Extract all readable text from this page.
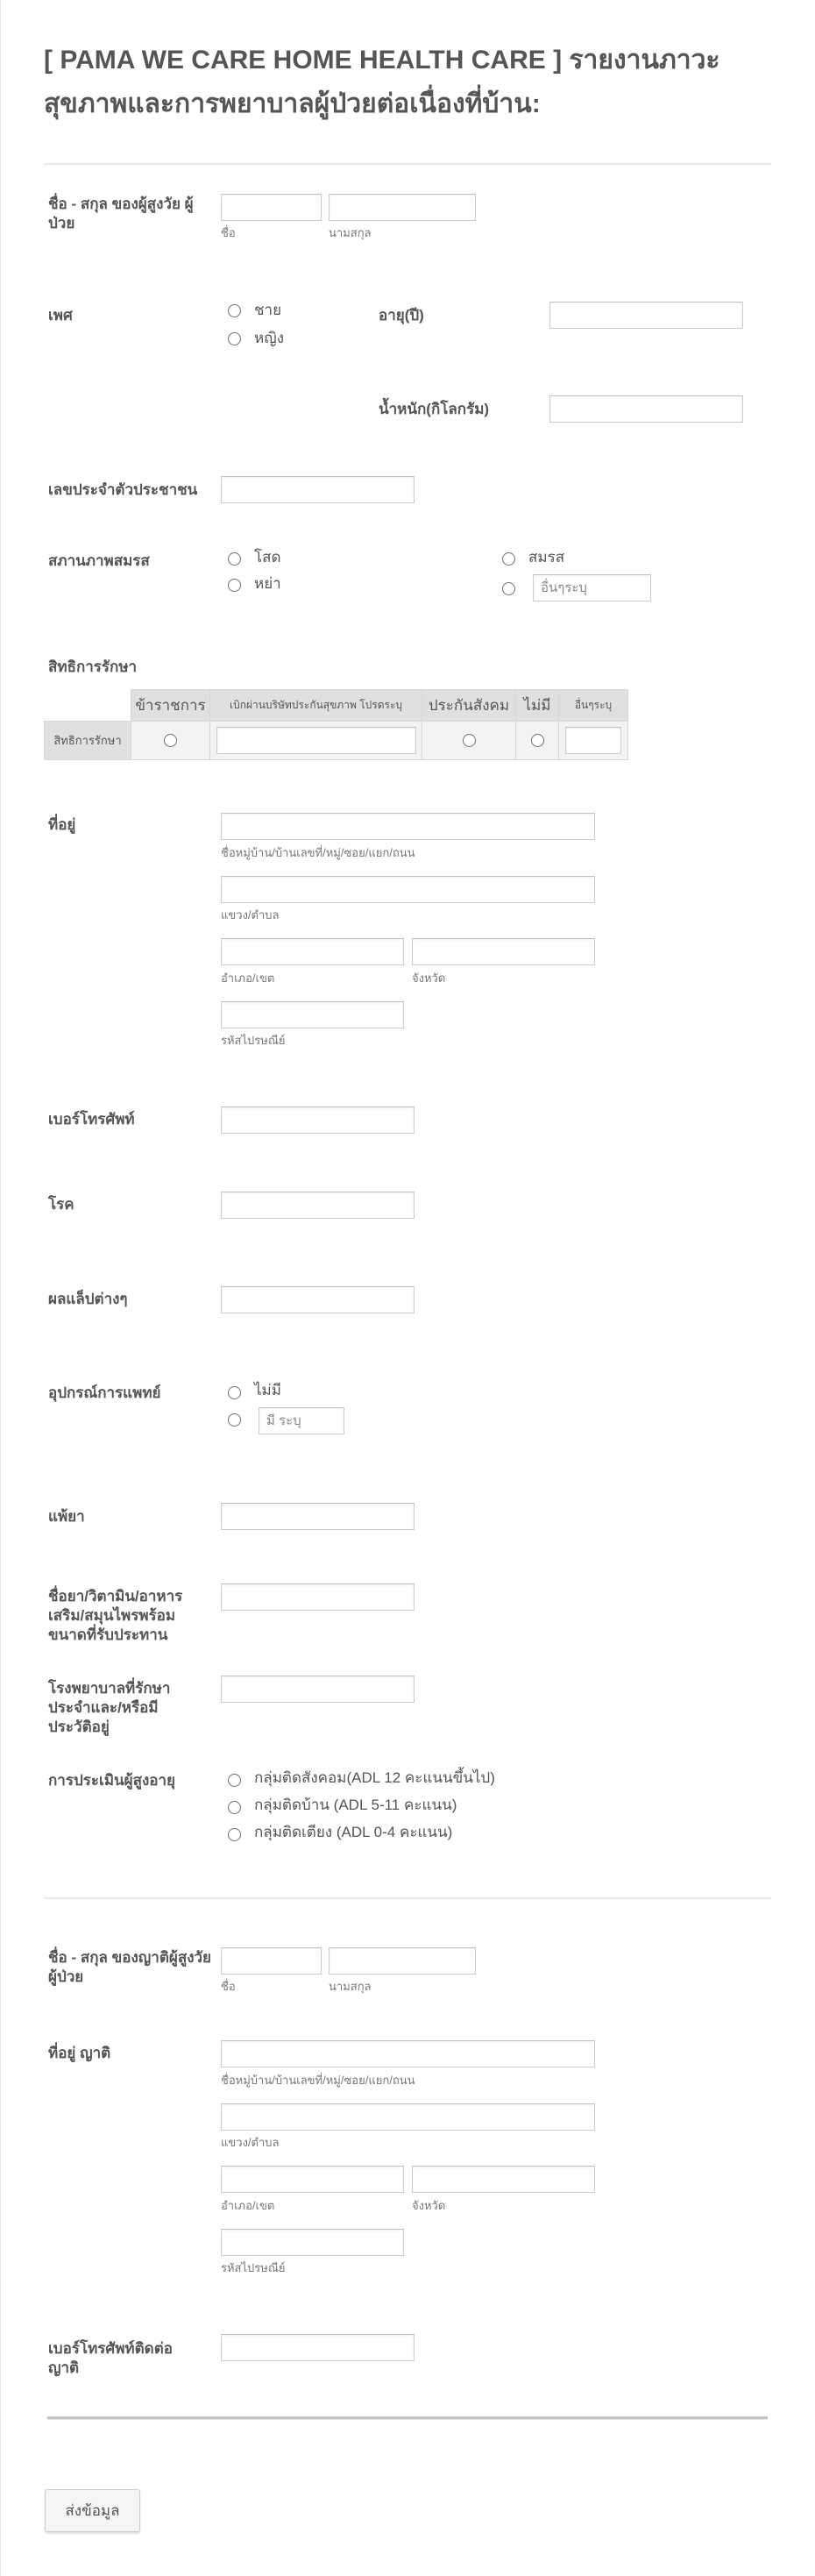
[ PAMA WE CARE HOME HEALTH CARE ] รายงานภาวะสุขภาพและการพยาบาลผู้ป่วยต่อเนื่องที่บ้าน:
ชื่อ - สกุล ของผู้สูงวัย ผู้ป่วย
ชื่อ	นามสกุล
เพศ	ชาย
หญิง
อายุ(ปี)
น้ำหนัก(กิโลกรัม)
เลขประจำตัวประชาชน
สภานภาพสมรส	โสด
หย่า
สมรส
อื่นๆระบุ
สิทธิการรักษา
	ข้าราชการ	เบิกผ่านบริษัทประกันสุขภาพ โปรดระบุ	ประกันสังคม	ไม่มี	อื่นๆระบุ
สิทธิการรักษา					
ที่อยู่
ชื่อหมู่บ้าน/บ้านเลขที่/หมู่/ซอย/แยก/ถนน
แขวง/ตำบล
อำเภอ/เขต	จังหวัด
รหัสไปรษณีย์
เบอร์โทรศัพท์
โรค
ผลแล็ปต่างๆ
อุปกรณ์การแพทย์	ไม่มี
มี ระบุ
แพ้ยา
ชื่อยา/วิตามิน/อาหารเสริม/สมุนไพรพร้อมขนาดที่รับประทาน
โรงพยาบาลที่รักษาประจำและ/หรือมีประวัติอยู่
การประเมินผู้สูงอายุ	กลุ่มติดสังคอม(ADL 12 คะแนนขึ้นไป)
กลุ่มติดบ้าน (ADL 5-11 คะแนน)
กลุ่มติดเตียง (ADL 0-4 คะแนน)
ชื่อ - สกุล ของญาติผู้สูงวัย ผู้ป่วย
ชื่อ	นามสกุล
ที่อยู่ ญาติ
ชื่อหมู่บ้าน/บ้านเลขที่/หมู่/ซอย/แยก/ถนน
แขวง/ตำบล
อำเภอ/เขต	จังหวัด
รหัสไปรษณีย์
เบอร์โทรศัพท์ติดต่อญาติ
ส่งข้อมูล
